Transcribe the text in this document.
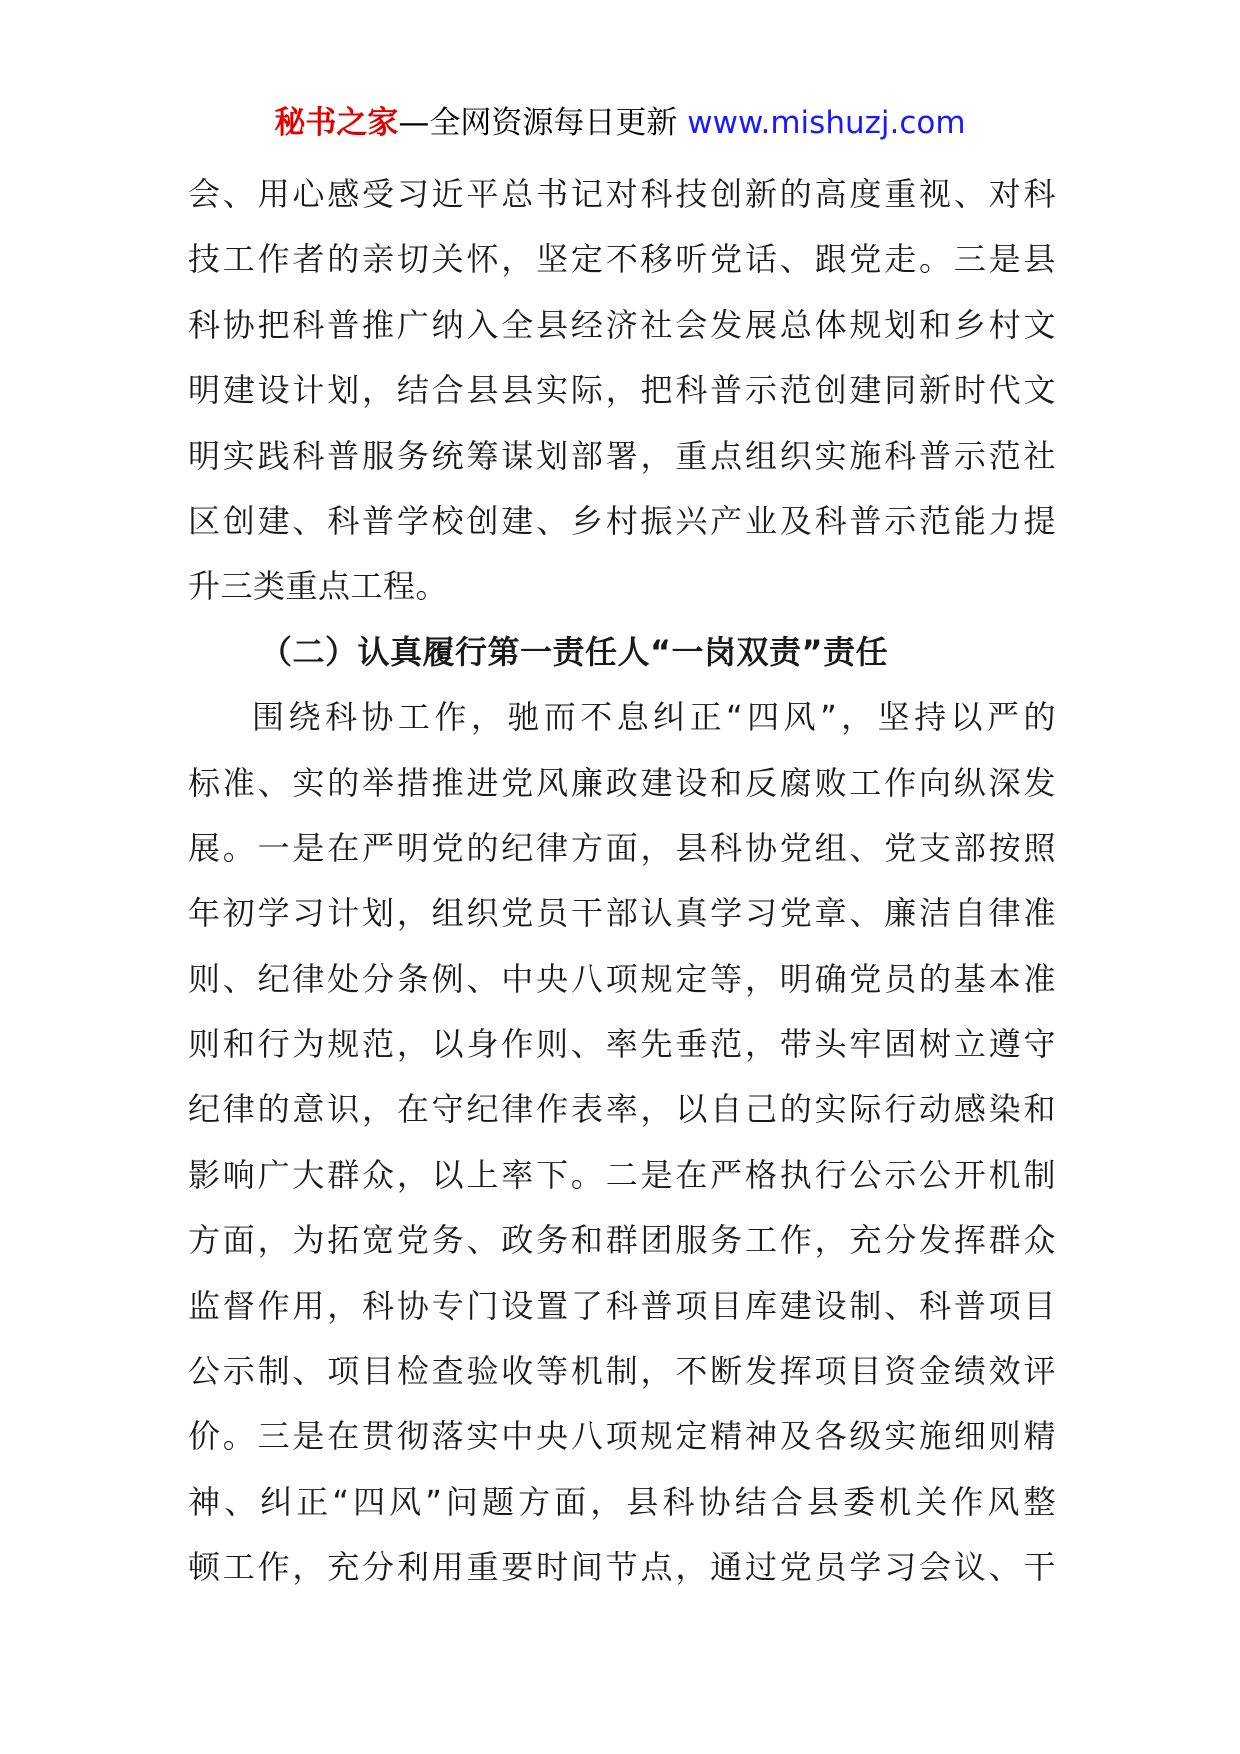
秘书之家—全网资源每日更新 www.mishuzj.com
会、用心感受习近平总书记对科技创新的高度重视、对科
技工作者的亲切关怀，坚定不移听党话、跟党走。三是县
科协把科普推广纳入全县经济社会发展总体规划和乡村文
明建设计划，结合县县实际，把科普示范创建同新时代文
明实践科普服务统筹谋划部署，重点组织实施科普示范社
区创建、科普学校创建、乡村振兴产业及科普示范能力提
升三类重点工程。
（二）认真履行第一责任人“一岗双责”责任
围绕科协工作，驰而不息纠正“四风”，坚持以严的
标准、实的举措推进党风廉政建设和反腐败工作向纵深发
展。一是在严明党的纪律方面，县科协党组、党支部按照
年初学习计划，组织党员干部认真学习党章、廉洁自律准
则、纪律处分条例、中央八项规定等，明确党员的基本准
则和行为规范，以身作则、率先垂范，带头牢固树立遵守
纪律的意识，在守纪律作表率，以自己的实际行动感染和
影响广大群众，以上率下。二是在严格执行公示公开机制
方面，为拓宽党务、政务和群团服务工作，充分发挥群众
监督作用，科协专门设置了科普项目库建设制、科普项目
公示制、项目检查验收等机制，不断发挥项目资金绩效评
价。三是在贯彻落实中央八项规定精神及各级实施细则精
神、纠正“四风”问题方面，县科协结合县委机关作风整
顿工作，充分利用重要时间节点，通过党员学习会议、干
